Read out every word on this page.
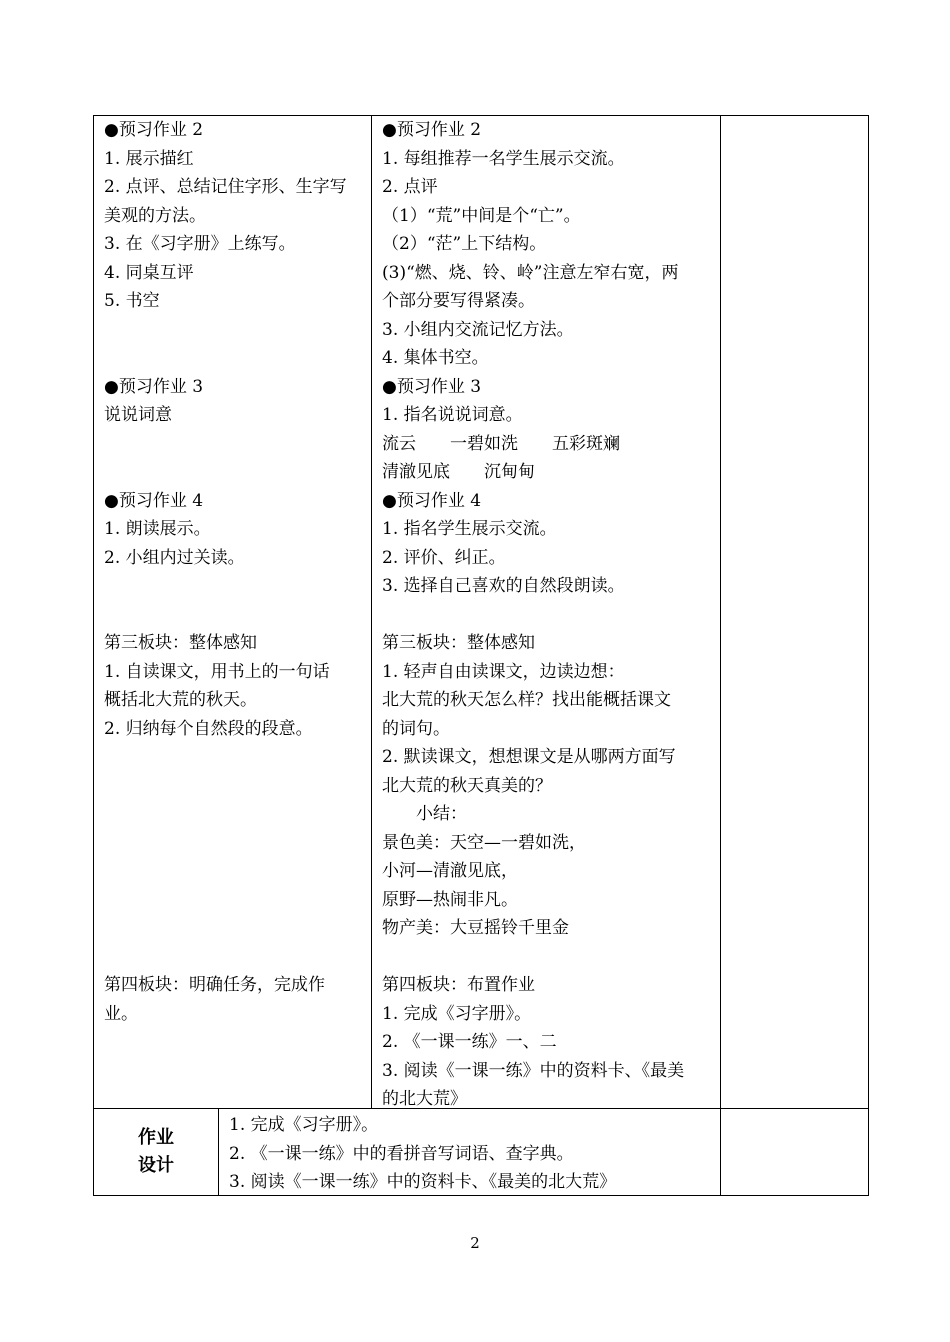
●预习作业 2
1. 展示描红
2. 点评、总结记住字形、生字写
美观的方法。
3. 在《习字册》上练写。
4. 同桌互评
5. 书空
●预习作业 3
说说词意
●预习作业 4
1. 朗读展示。
2. 小组内过关读。
第三板块：整体感知
1. 自读课文，用书上的一句话
概括北大荒的秋天。
2. 归纳每个自然段的段意。
第四板块：明确任务，完成作
业。
●预习作业 2
1. 每组推荐一名学生展示交流。
2. 点评
（1）“荒”中间是个“亡”。
（2）“茫”上下结构。
(3)“燃、烧、铃、岭”注意左窄右宽，两
个部分要写得紧凑。
3. 小组内交流记忆方法。
4. 集体书空。
●预习作业 3
1. 指名说说词意。
流云　　一碧如洗　　五彩斑斓
清澈见底　　沉甸甸
●预习作业 4
1. 指名学生展示交流。
2. 评价、纠正。
3. 选择自己喜欢的自然段朗读。
第三板块：整体感知
1. 轻声自由读课文，边读边想：
北大荒的秋天怎么样？找出能概括课文
的词句。
2. 默读课文，想想课文是从哪两方面写
北大荒的秋天真美的？
　　小结：
景色美：天空—一碧如洗，
小河—清澈见底，
原野—热闹非凡。
物产美：大豆摇铃千里金
第四板块：布置作业
1. 完成《习字册》。
2. 《一课一练》一、二
3. 阅读《一课一练》中的资料卡、《最美
的北大荒》
作业
设计
1. 完成《习字册》。
2. 《一课一练》中的看拼音写词语、查字典。
3. 阅读《一课一练》中的资料卡、《最美的北大荒》
2
